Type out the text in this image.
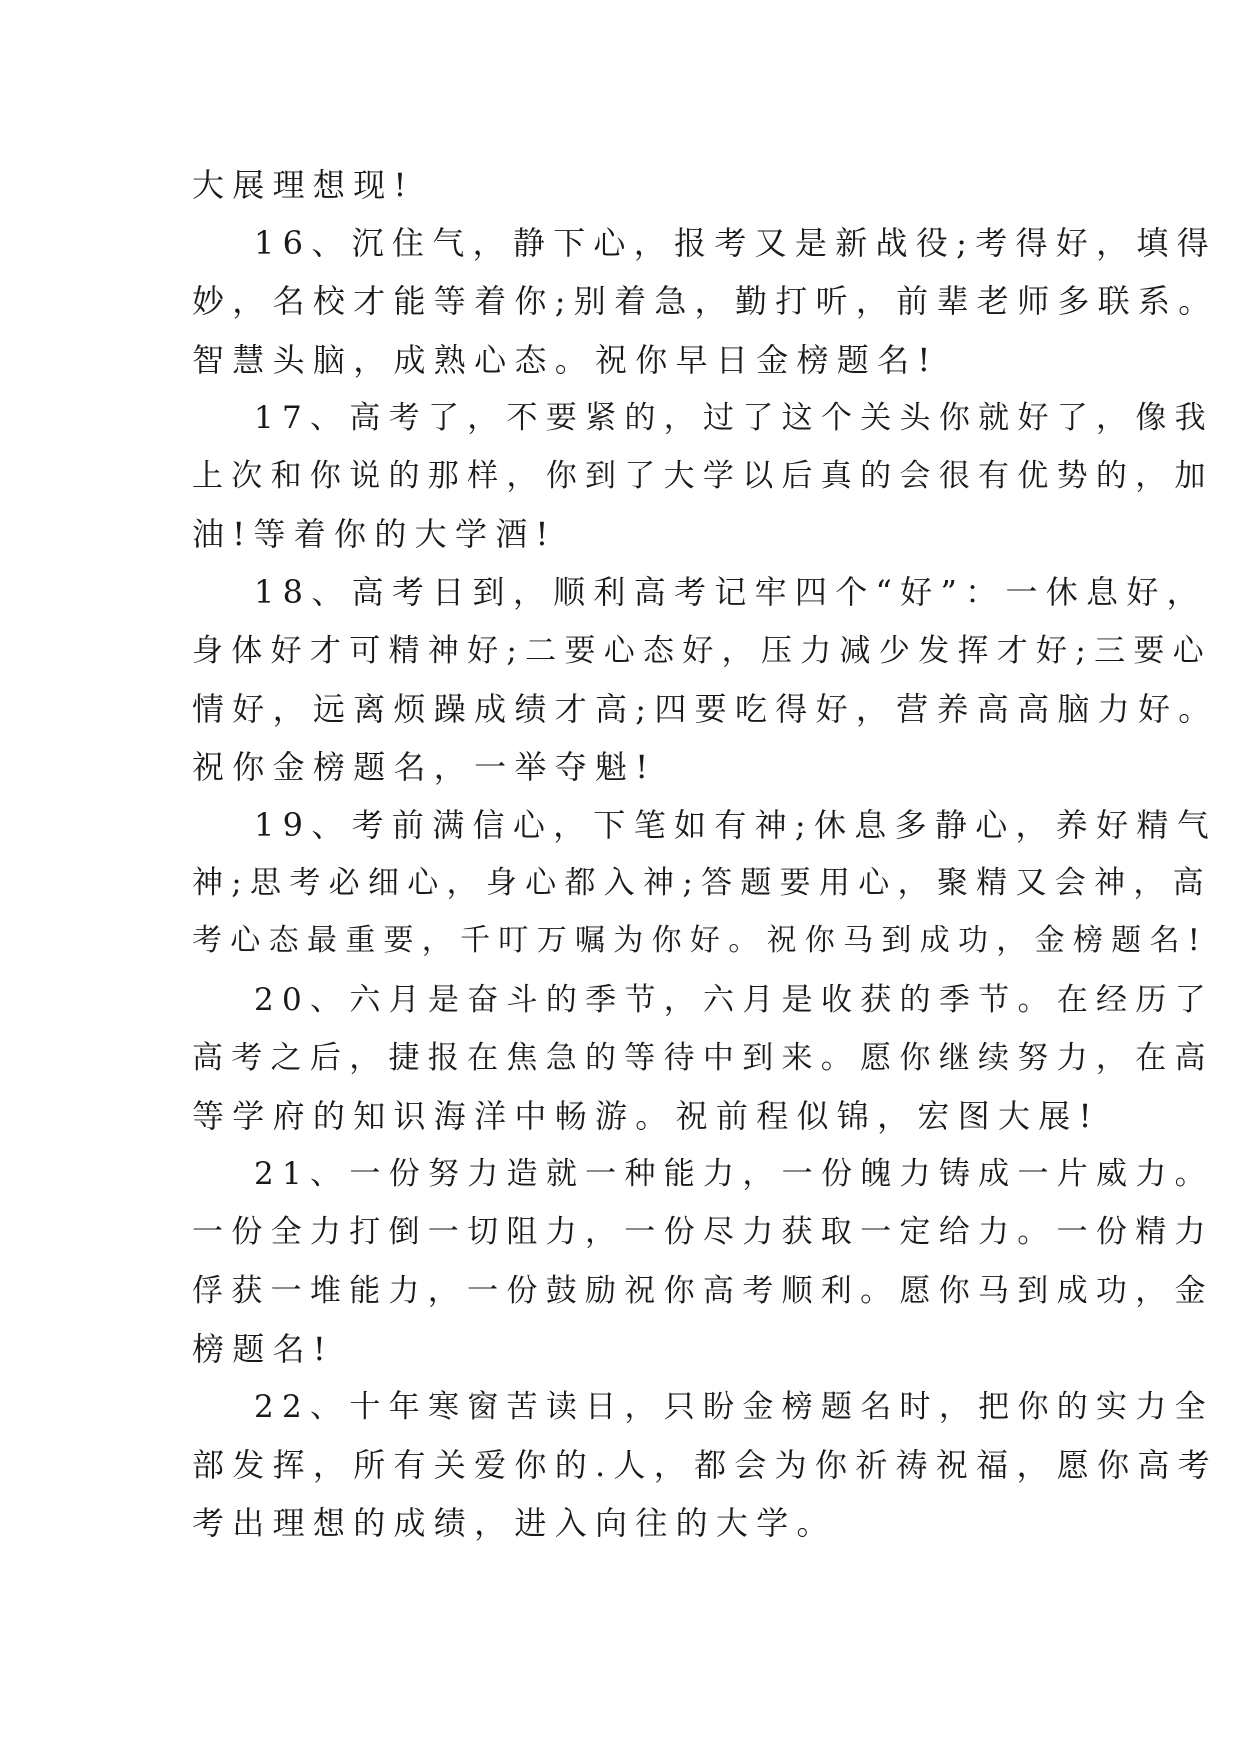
大展理想现!
16、沉住气，静下心，报考又是新战役;考得好，填得
妙，名校才能等着你;别着急，勤打听，前辈老师多联系。
智慧头脑，成熟心态。祝你早日金榜题名!
17、高考了，不要紧的，过了这个关头你就好了，像我
上次和你说的那样，你到了大学以后真的会很有优势的，加
油!等着你的大学酒!
18、高考日到，顺利高考记牢四个“好”：一休息好，
身体好才可精神好;二要心态好，压力减少发挥才好;三要心
情好，远离烦躁成绩才高;四要吃得好，营养高高脑力好。
祝你金榜题名，一举夺魁!
19、考前满信心，下笔如有神;休息多静心，养好精气
神;思考必细心，身心都入神;答题要用心，聚精又会神，高
考心态最重要，千叮万嘱为你好。祝你马到成功，金榜题名!
20、六月是奋斗的季节，六月是收获的季节。在经历了
高考之后，捷报在焦急的等待中到来。愿你继续努力，在高
等学府的知识海洋中畅游。祝前程似锦，宏图大展!
21、一份努力造就一种能力，一份魄力铸成一片威力。
一份全力打倒一切阻力，一份尽力获取一定给力。一份精力
俘获一堆能力，一份鼓励祝你高考顺利。愿你马到成功，金
榜题名!
22、十年寒窗苦读日，只盼金榜题名时，把你的实力全
部发挥，所有关爱你的.人，都会为你祈祷祝福，愿你高考
考出理想的成绩，进入向往的大学。
